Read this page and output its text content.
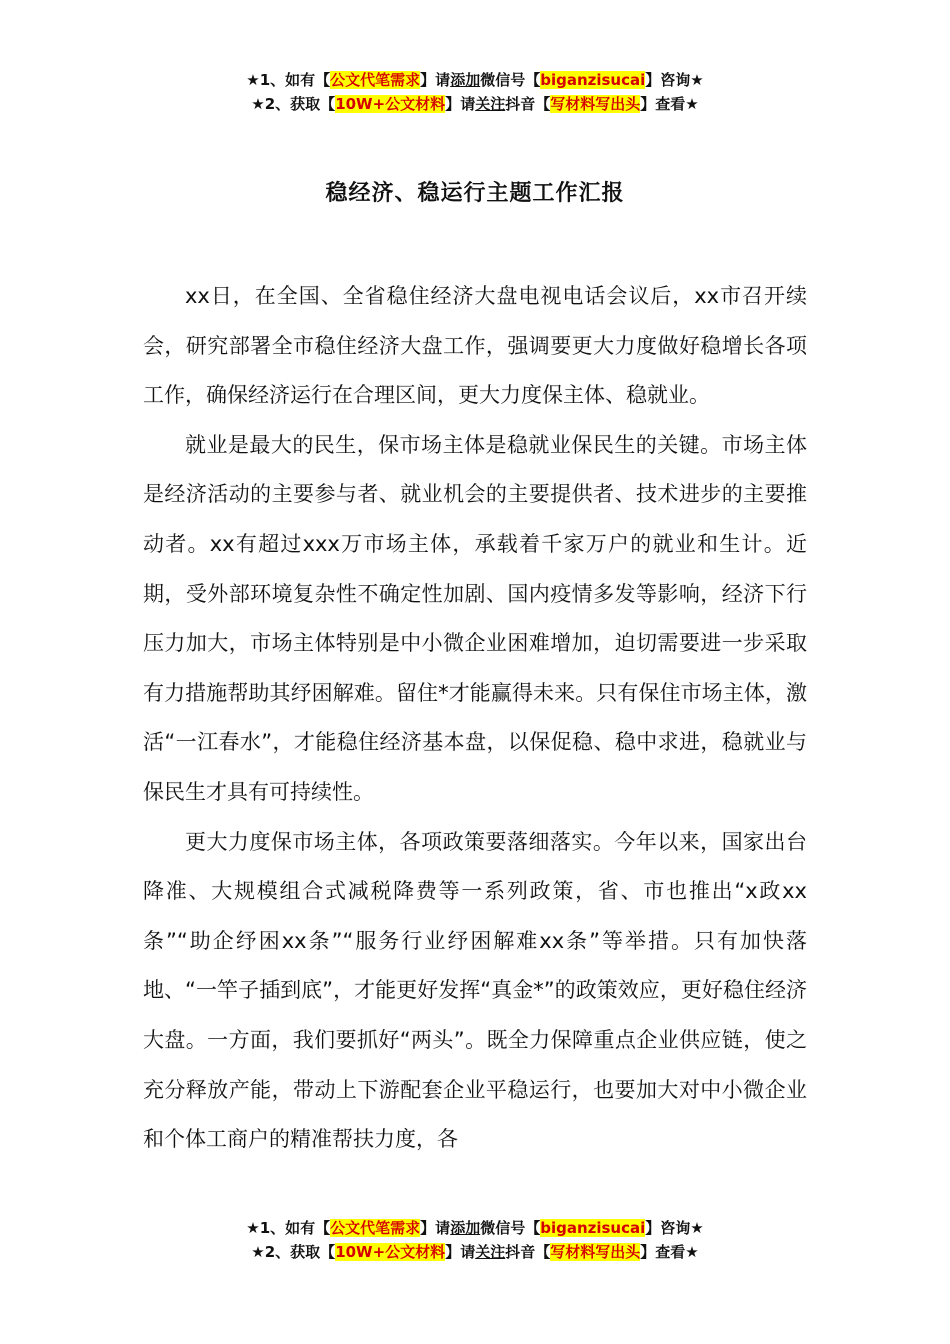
★1、如有【公文代笔需求】请添加微信号【biganzisucai】咨询★
★2、获取【10W+公文材料】请关注抖音【写材料写出头】查看★
稳经济、稳运行主题工作汇报

xx日，在全国、全省稳住经济大盘电视电话会议后，xx市召开续会，研究部署全市稳住经济大盘工作，强调要更大力度做好稳增长各项工作，确保经济运行在合理区间，更大力度保主体、稳就业。

就业是最大的民生，保市场主体是稳就业保民生的关键。市场主体是经济活动的主要参与者、就业机会的主要提供者、技术进步的主要推动者。xx有超过xxx万市场主体，承载着千家万户的就业和生计。近期，受外部环境复杂性不确定性加剧、国内疫情多发等影响，经济下行压力加大，市场主体特别是中小微企业困难增加，迫切需要进一步采取有力措施帮助其纾困解难。留住*才能赢得未来。只有保住市场主体，激活“一江春水”，才能稳住经济基本盘，以保促稳、稳中求进，稳就业与保民生才具有可持续性。

更大力度保市场主体，各项政策要落细落实。今年以来，国家出台降准、大规模组合式减税降费等一系列政策，省、市也推出“x政xx条”“助企纾困xx条”“服务行业纾困解难xx条”等举措。只有加快落地、“一竿子插到底”，才能更好发挥“真金*”的政策效应，更好稳住经济大盘。一方面，我们要抓好“两头”。既全力保障重点企业供应链，使之充分释放产能，带动上下游配套企业平稳运行，也要加大对中小微企业和个体工商户的精准帮扶力度，各

★1、如有【公文代笔需求】请添加微信号【biganzisucai】咨询★
★2、获取【10W+公文材料】请关注抖音【写材料写出头】查看★
